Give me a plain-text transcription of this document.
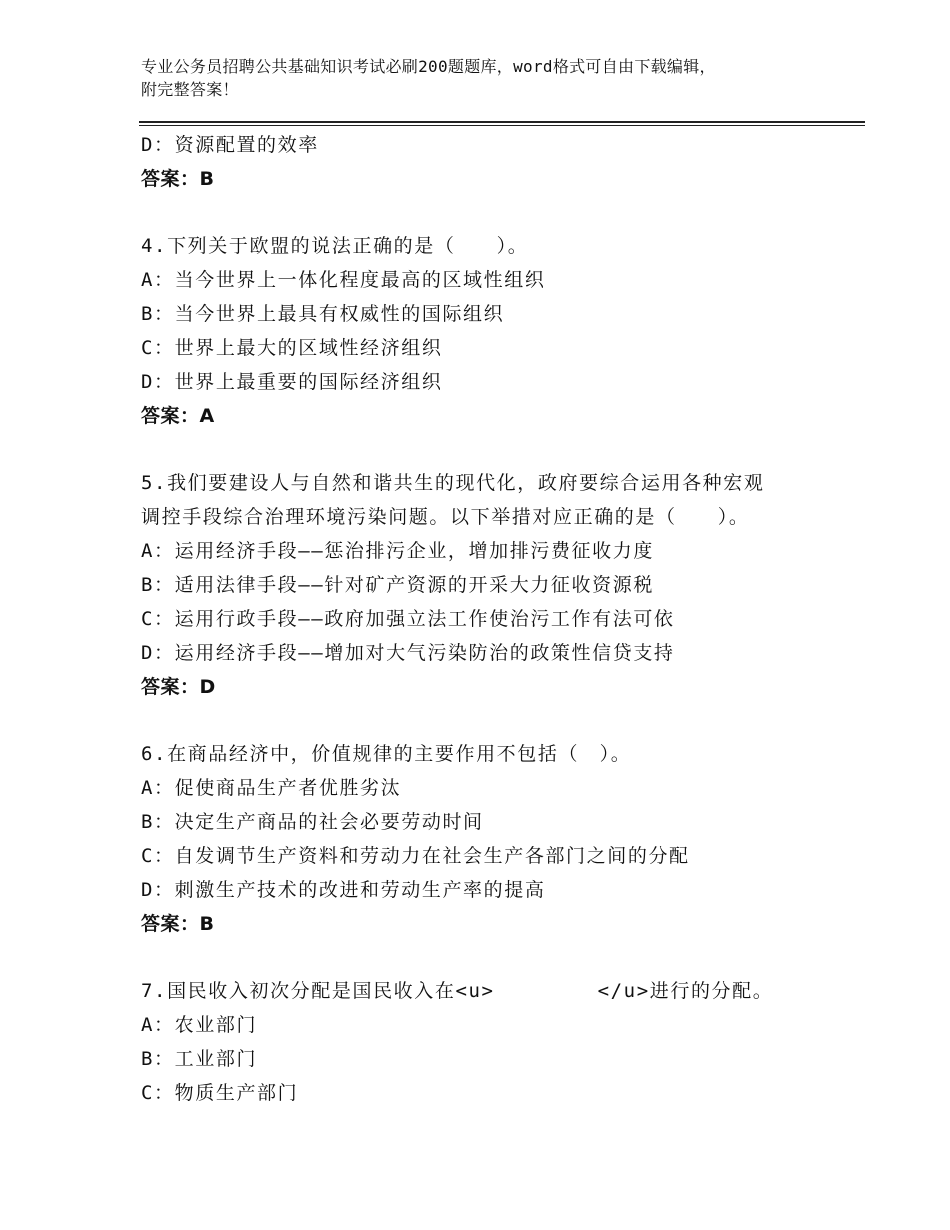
专业公务员招聘公共基础知识考试必刷200题题库，word格式可自由下载编辑，
附完整答案！
D：资源配置的效率
答案：B
4.下列关于欧盟的说法正确的是（　　）。
A：当今世界上一体化程度最高的区域性组织
B：当今世界上最具有权威性的国际组织
C：世界上最大的区域性经济组织
D：世界上最重要的国际经济组织
答案：A
5.我们要建设人与自然和谐共生的现代化，政府要综合运用各种宏观
调控手段综合治理环境污染问题。以下举措对应正确的是（　　）。
A：运用经济手段——惩治排污企业，增加排污费征收力度
B：适用法律手段——针对矿产资源的开采大力征收资源税
C：运用行政手段——政府加强立法工作使治污工作有法可依
D：运用经济手段——增加对大气污染防治的政策性信贷支持
答案：D
6.在商品经济中，价值规律的主要作用不包括（　）。
A：促使商品生产者优胜劣汰
B：决定生产商品的社会必要劳动时间
C：自发调节生产资料和劳动力在社会生产各部门之间的分配
D：刺激生产技术的改进和劳动生产率的提高
答案：B
7.国民收入初次分配是国民收入在<u>　　　　　</u>进行的分配。
A：农业部门
B：工业部门
C：物质生产部门
